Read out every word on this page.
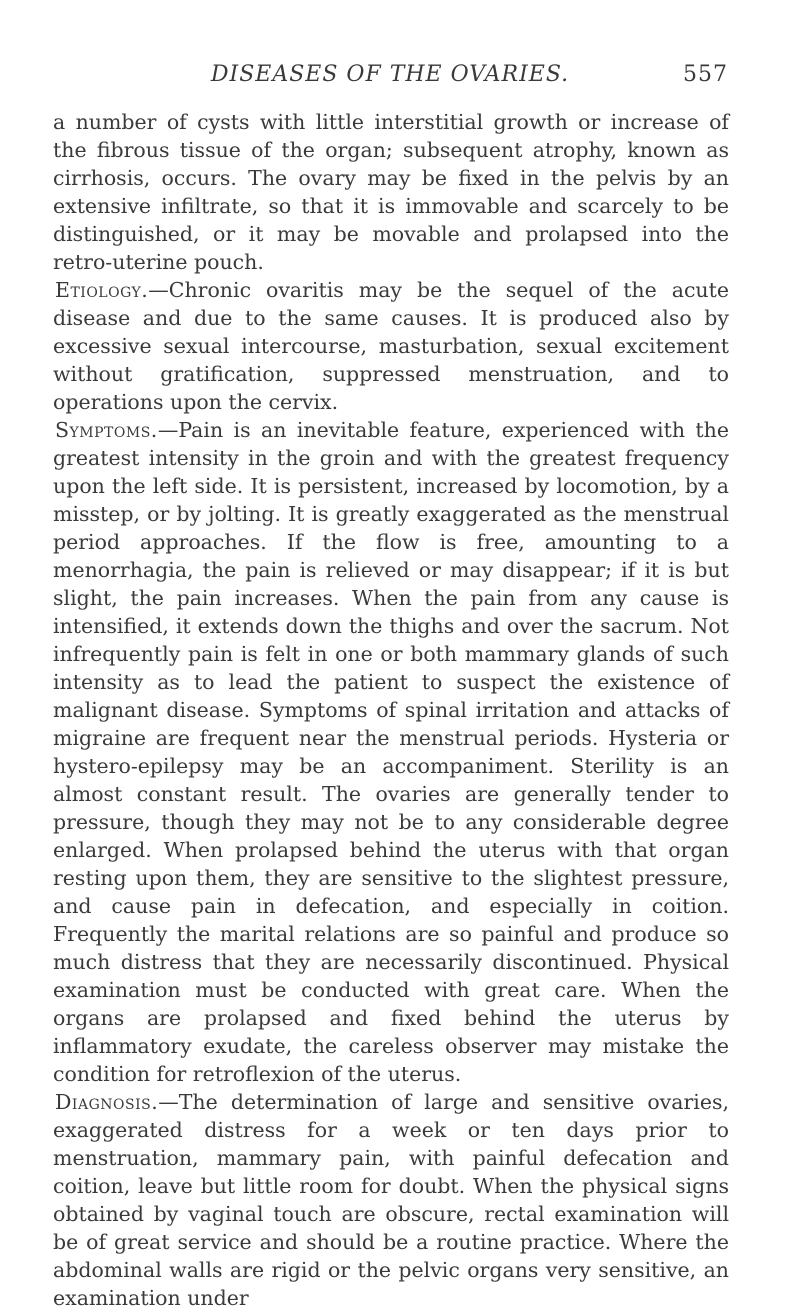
DISEASES OF THE OVARIES.	557

a number of cysts with little interstitial growth or increase of the fibrous tissue of the organ; subsequent atrophy, known as cirrhosis, occurs. The ovary may be fixed in the pelvis by an extensive infiltrate, so that it is immovable and scarcely to be distinguished, or it may be movable and prolapsed into the retro-uterine pouch.

Etiology.—Chronic ovaritis may be the sequel of the acute disease and due to the same causes. It is produced also by excessive sexual intercourse, masturbation, sexual excitement without gratification, suppressed menstruation, and to operations upon the cervix.

Symptoms.—Pain is an inevitable feature, experienced with the greatest intensity in the groin and with the greatest frequency upon the left side. It is persistent, increased by locomotion, by a misstep, or by jolting. It is greatly exaggerated as the menstrual period approaches. If the flow is free, amounting to a menorrhagia, the pain is relieved or may disappear; if it is but slight, the pain increases. When the pain from any cause is intensified, it extends down the thighs and over the sacrum. Not infrequently pain is felt in one or both mammary glands of such intensity as to lead the patient to suspect the existence of malignant disease. Symptoms of spinal irritation and attacks of migraine are frequent near the menstrual periods. Hysteria or hystero-epilepsy may be an accompaniment. Sterility is an almost constant result. The ovaries are generally tender to pressure, though they may not be to any considerable degree enlarged. When prolapsed behind the uterus with that organ resting upon them, they are sensitive to the slightest pressure, and cause pain in defecation, and especially in coition. Frequently the marital relations are so painful and produce so much distress that they are necessarily discontinued. Physical examination must be conducted with great care. When the organs are prolapsed and fixed behind the uterus by inflammatory exudate, the careless observer may mistake the condition for retroflexion of the uterus.

Diagnosis.—The determination of large and sensitive ovaries, exaggerated distress for a week or ten days prior to menstruation, mammary pain, with painful defecation and coition, leave but little room for doubt. When the physical signs obtained by vaginal touch are obscure, rectal examination will be of great service and should be a routine practice. Where the abdominal walls are rigid or the pelvic organs very sensitive, an examination under
